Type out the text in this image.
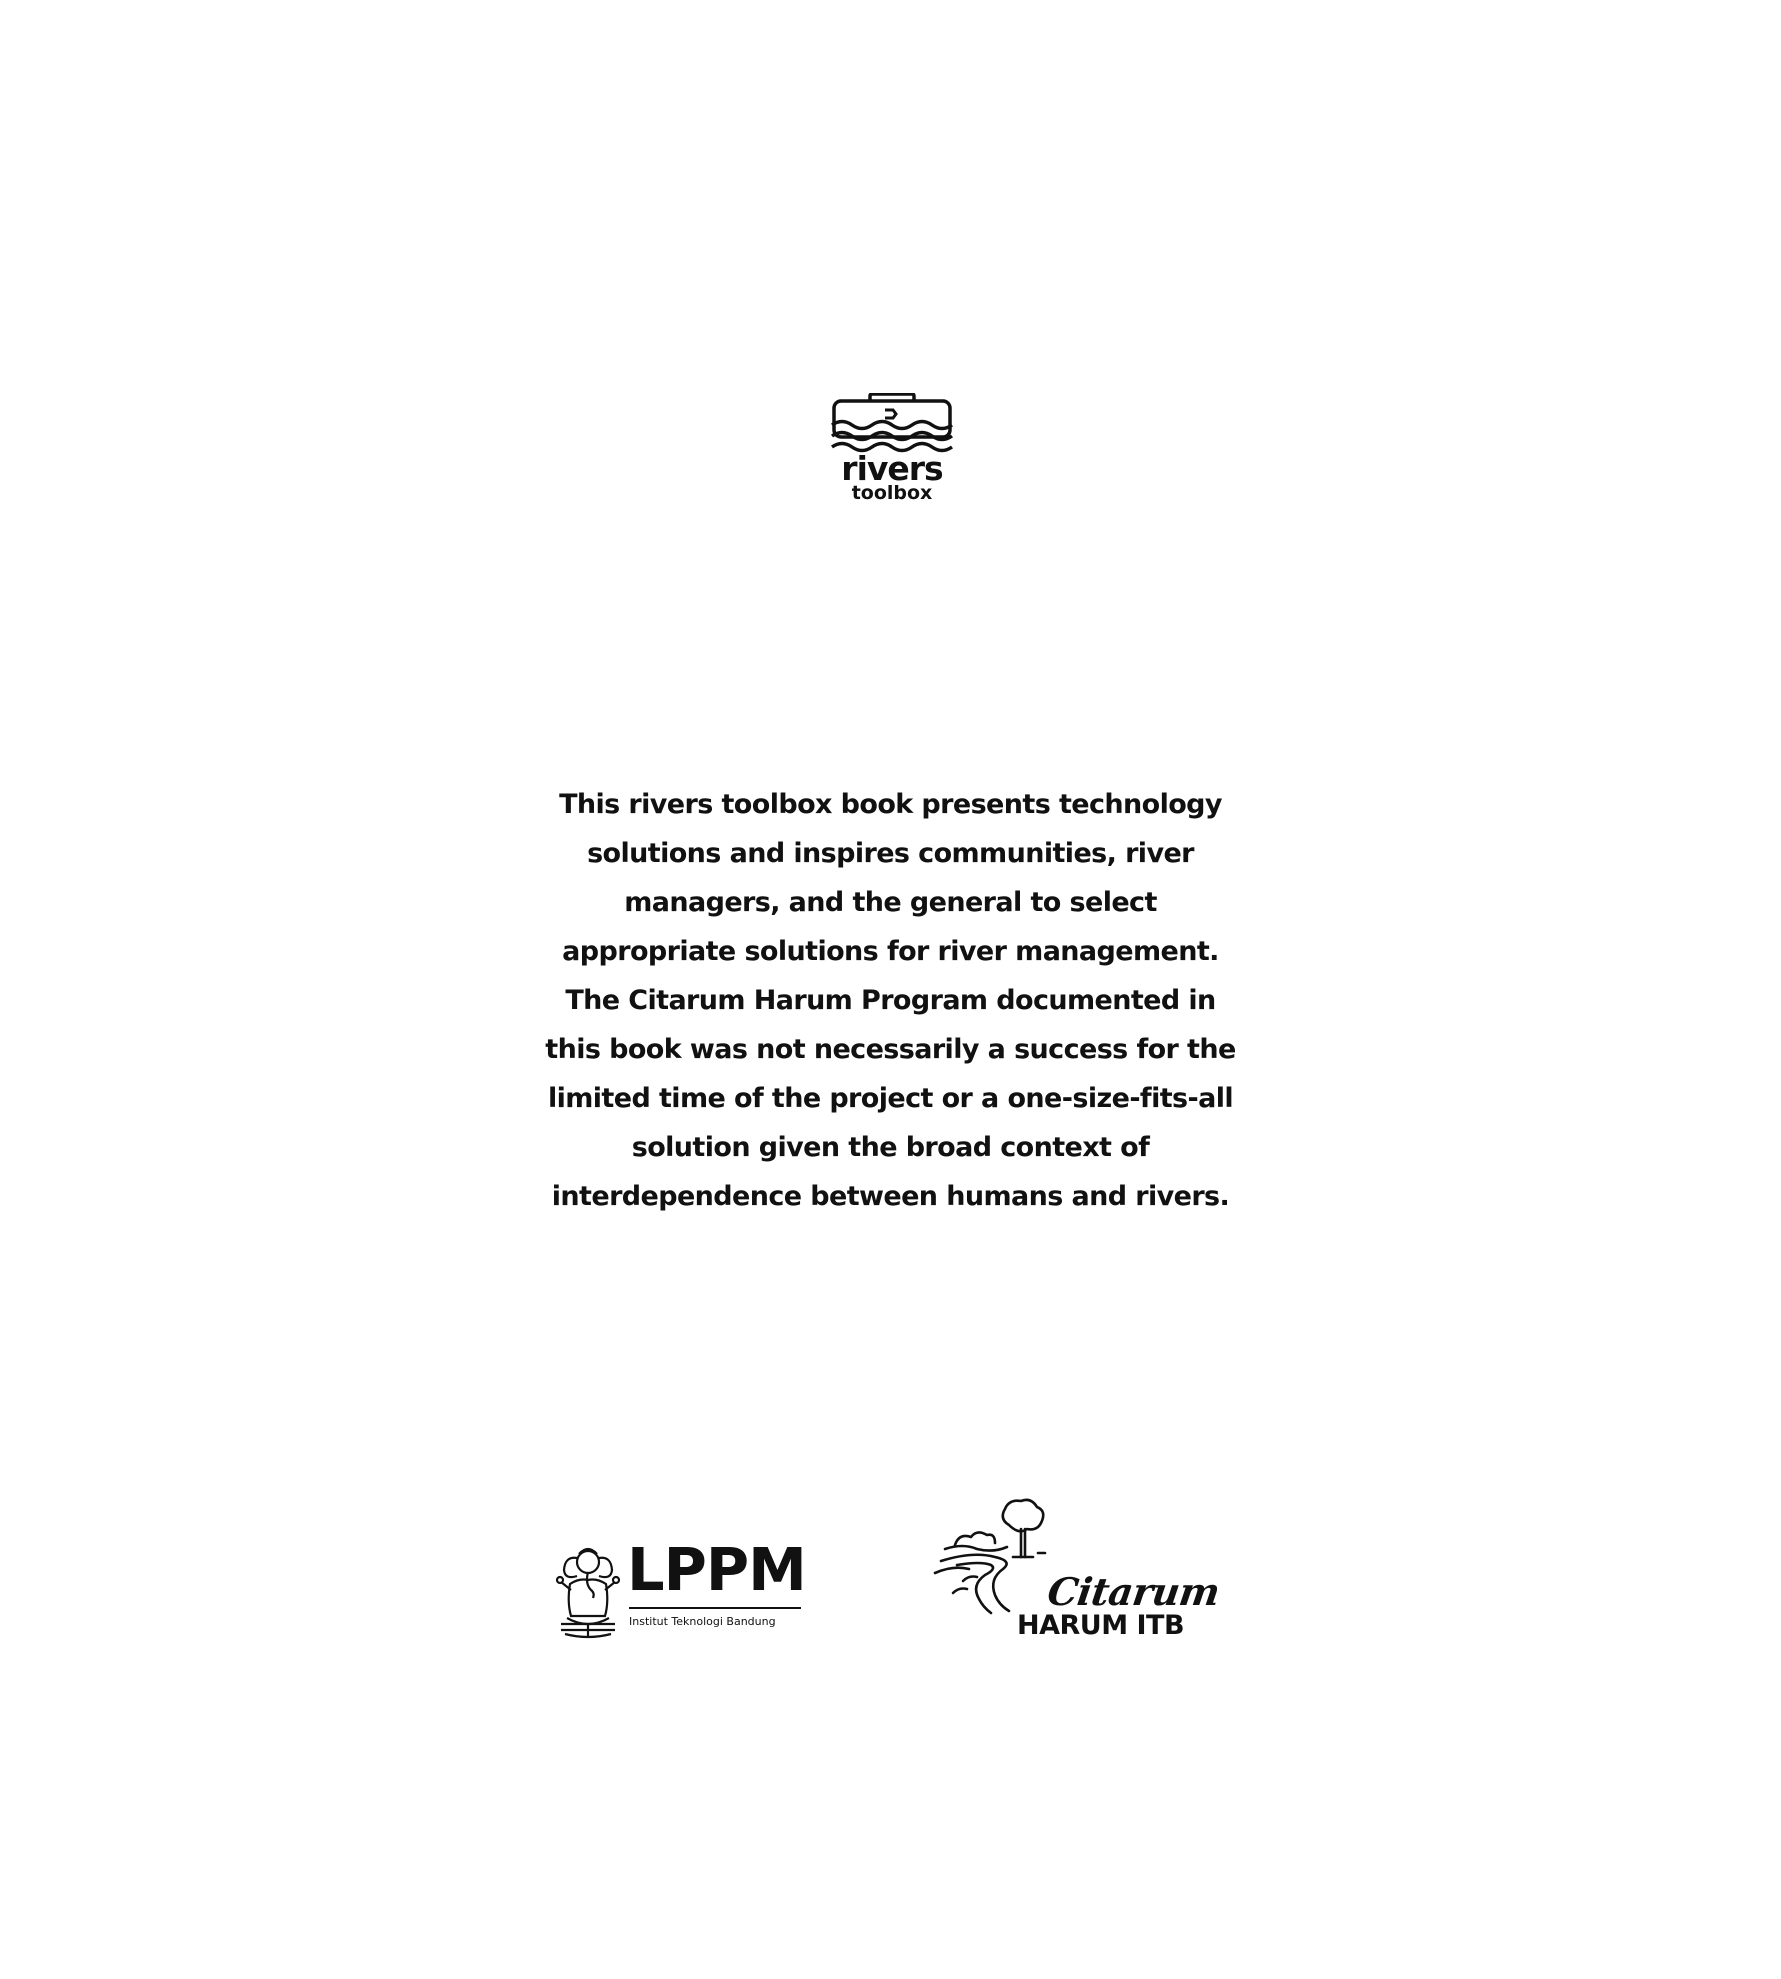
rivers
toolbox

This rivers toolbox book presents technology
solutions and inspires communities, river
managers, and the general to select
appropriate solutions for river management.
The Citarum Harum Program documented in
this book was not necessarily a success for the
limited time of the project or a one-size-fits-all
solution given the broad context of
interdependence between humans and rivers.

LPPM
Institut Teknologi Bandung
Citarum
HARUM ITB
